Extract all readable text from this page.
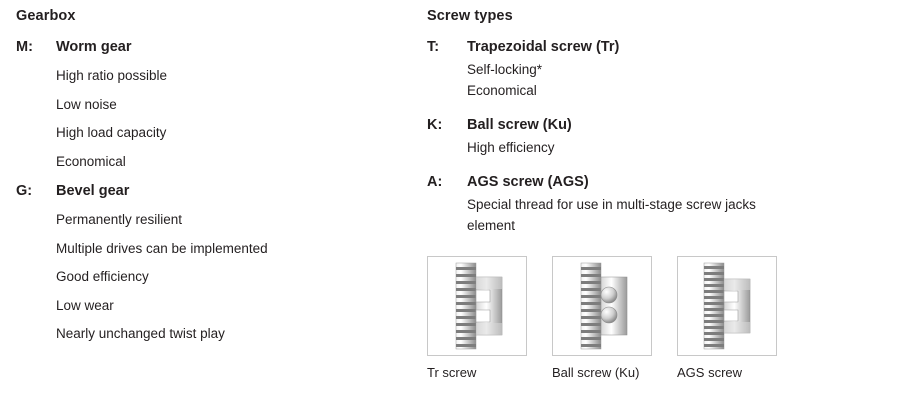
Gearbox
M:	Worm gear
High ratio possible
Low noise
High load capacity
Economical
G:	Bevel gear
Permanently resilient
Multiple drives can be implemented
Good efficiency
Low wear
Nearly unchanged twist play
Screw types
T:	Trapezoidal screw (Tr)
Self-locking*
Economical
K:	Ball screw (Ku)
High efficiency
A:	AGS screw (AGS)
Special thread for use in multi-stage screw jacks
element
Tr screw	Ball screw (Ku)	AGS screw
